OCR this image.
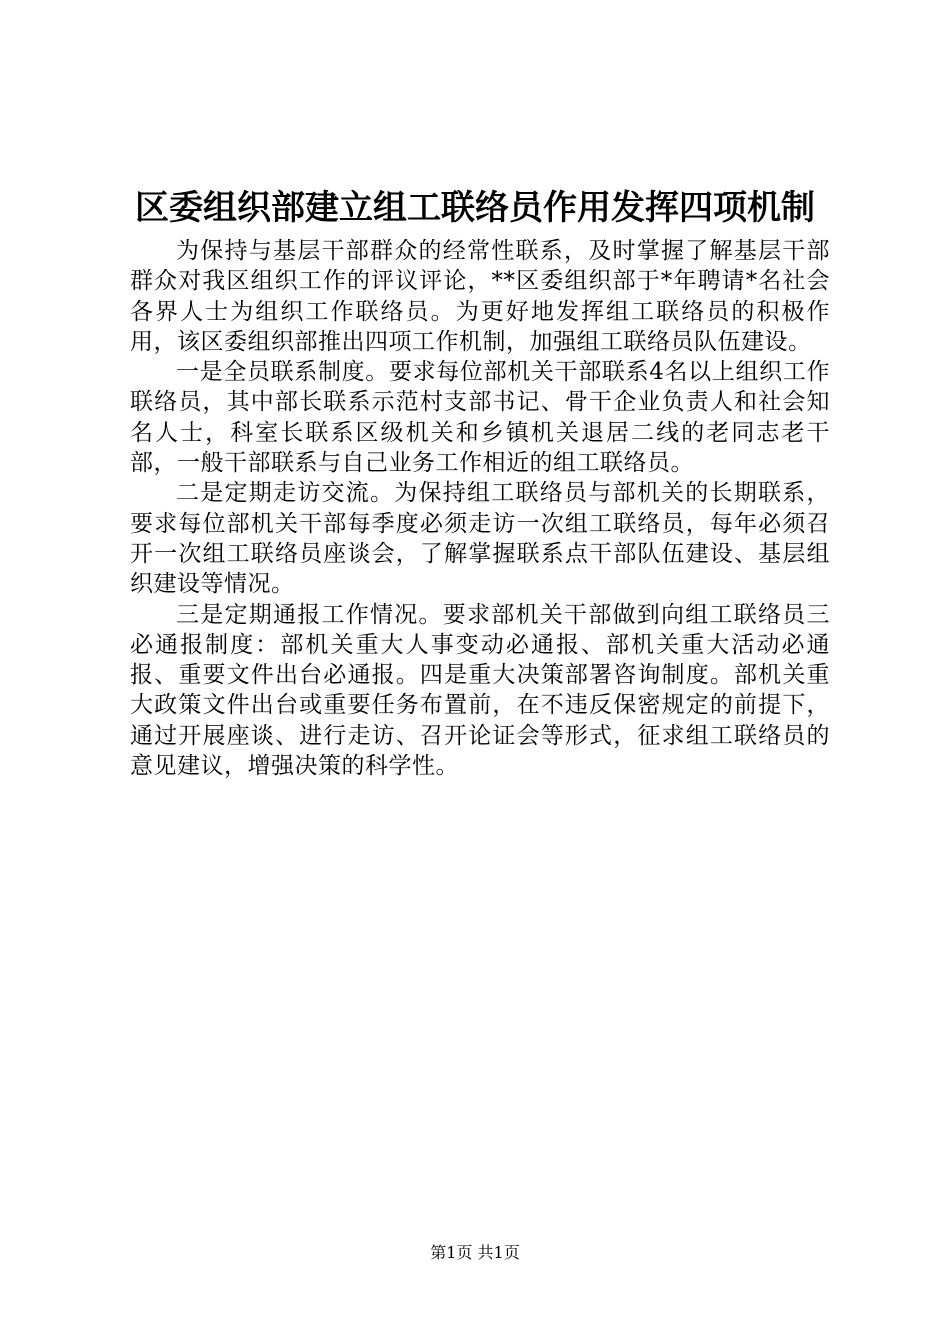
区委组织部建立组工联络员作用发挥四项机制

为保持与基层干部群众的经常性联系，及时掌握了解基层干部群众对我区组织工作的评议评论，**区委组织部于*年聘请*名社会各界人士为组织工作联络员。为更好地发挥组工联络员的积极作用，该区委组织部推出四项工作机制，加强组工联络员队伍建设。

一是全员联系制度。要求每位部机关干部联系4名以上组织工作联络员，其中部长联系示范村支部书记、骨干企业负责人和社会知名人士，科室长联系区级机关和乡镇机关退居二线的老同志老干部，一般干部联系与自己业务工作相近的组工联络员。

二是定期走访交流。为保持组工联络员与部机关的长期联系，要求每位部机关干部每季度必须走访一次组工联络员，每年必须召开一次组工联络员座谈会，了解掌握联系点干部队伍建设、基层组织建设等情况。

三是定期通报工作情况。要求部机关干部做到向组工联络员三必通报制度：部机关重大人事变动必通报、部机关重大活动必通报、重要文件出台必通报。四是重大决策部署咨询制度。部机关重大政策文件出台或重要任务布置前，在不违反保密规定的前提下，通过开展座谈、进行走访、召开论证会等形式，征求组工联络员的意见建议，增强决策的科学性。

第1页 共1页
